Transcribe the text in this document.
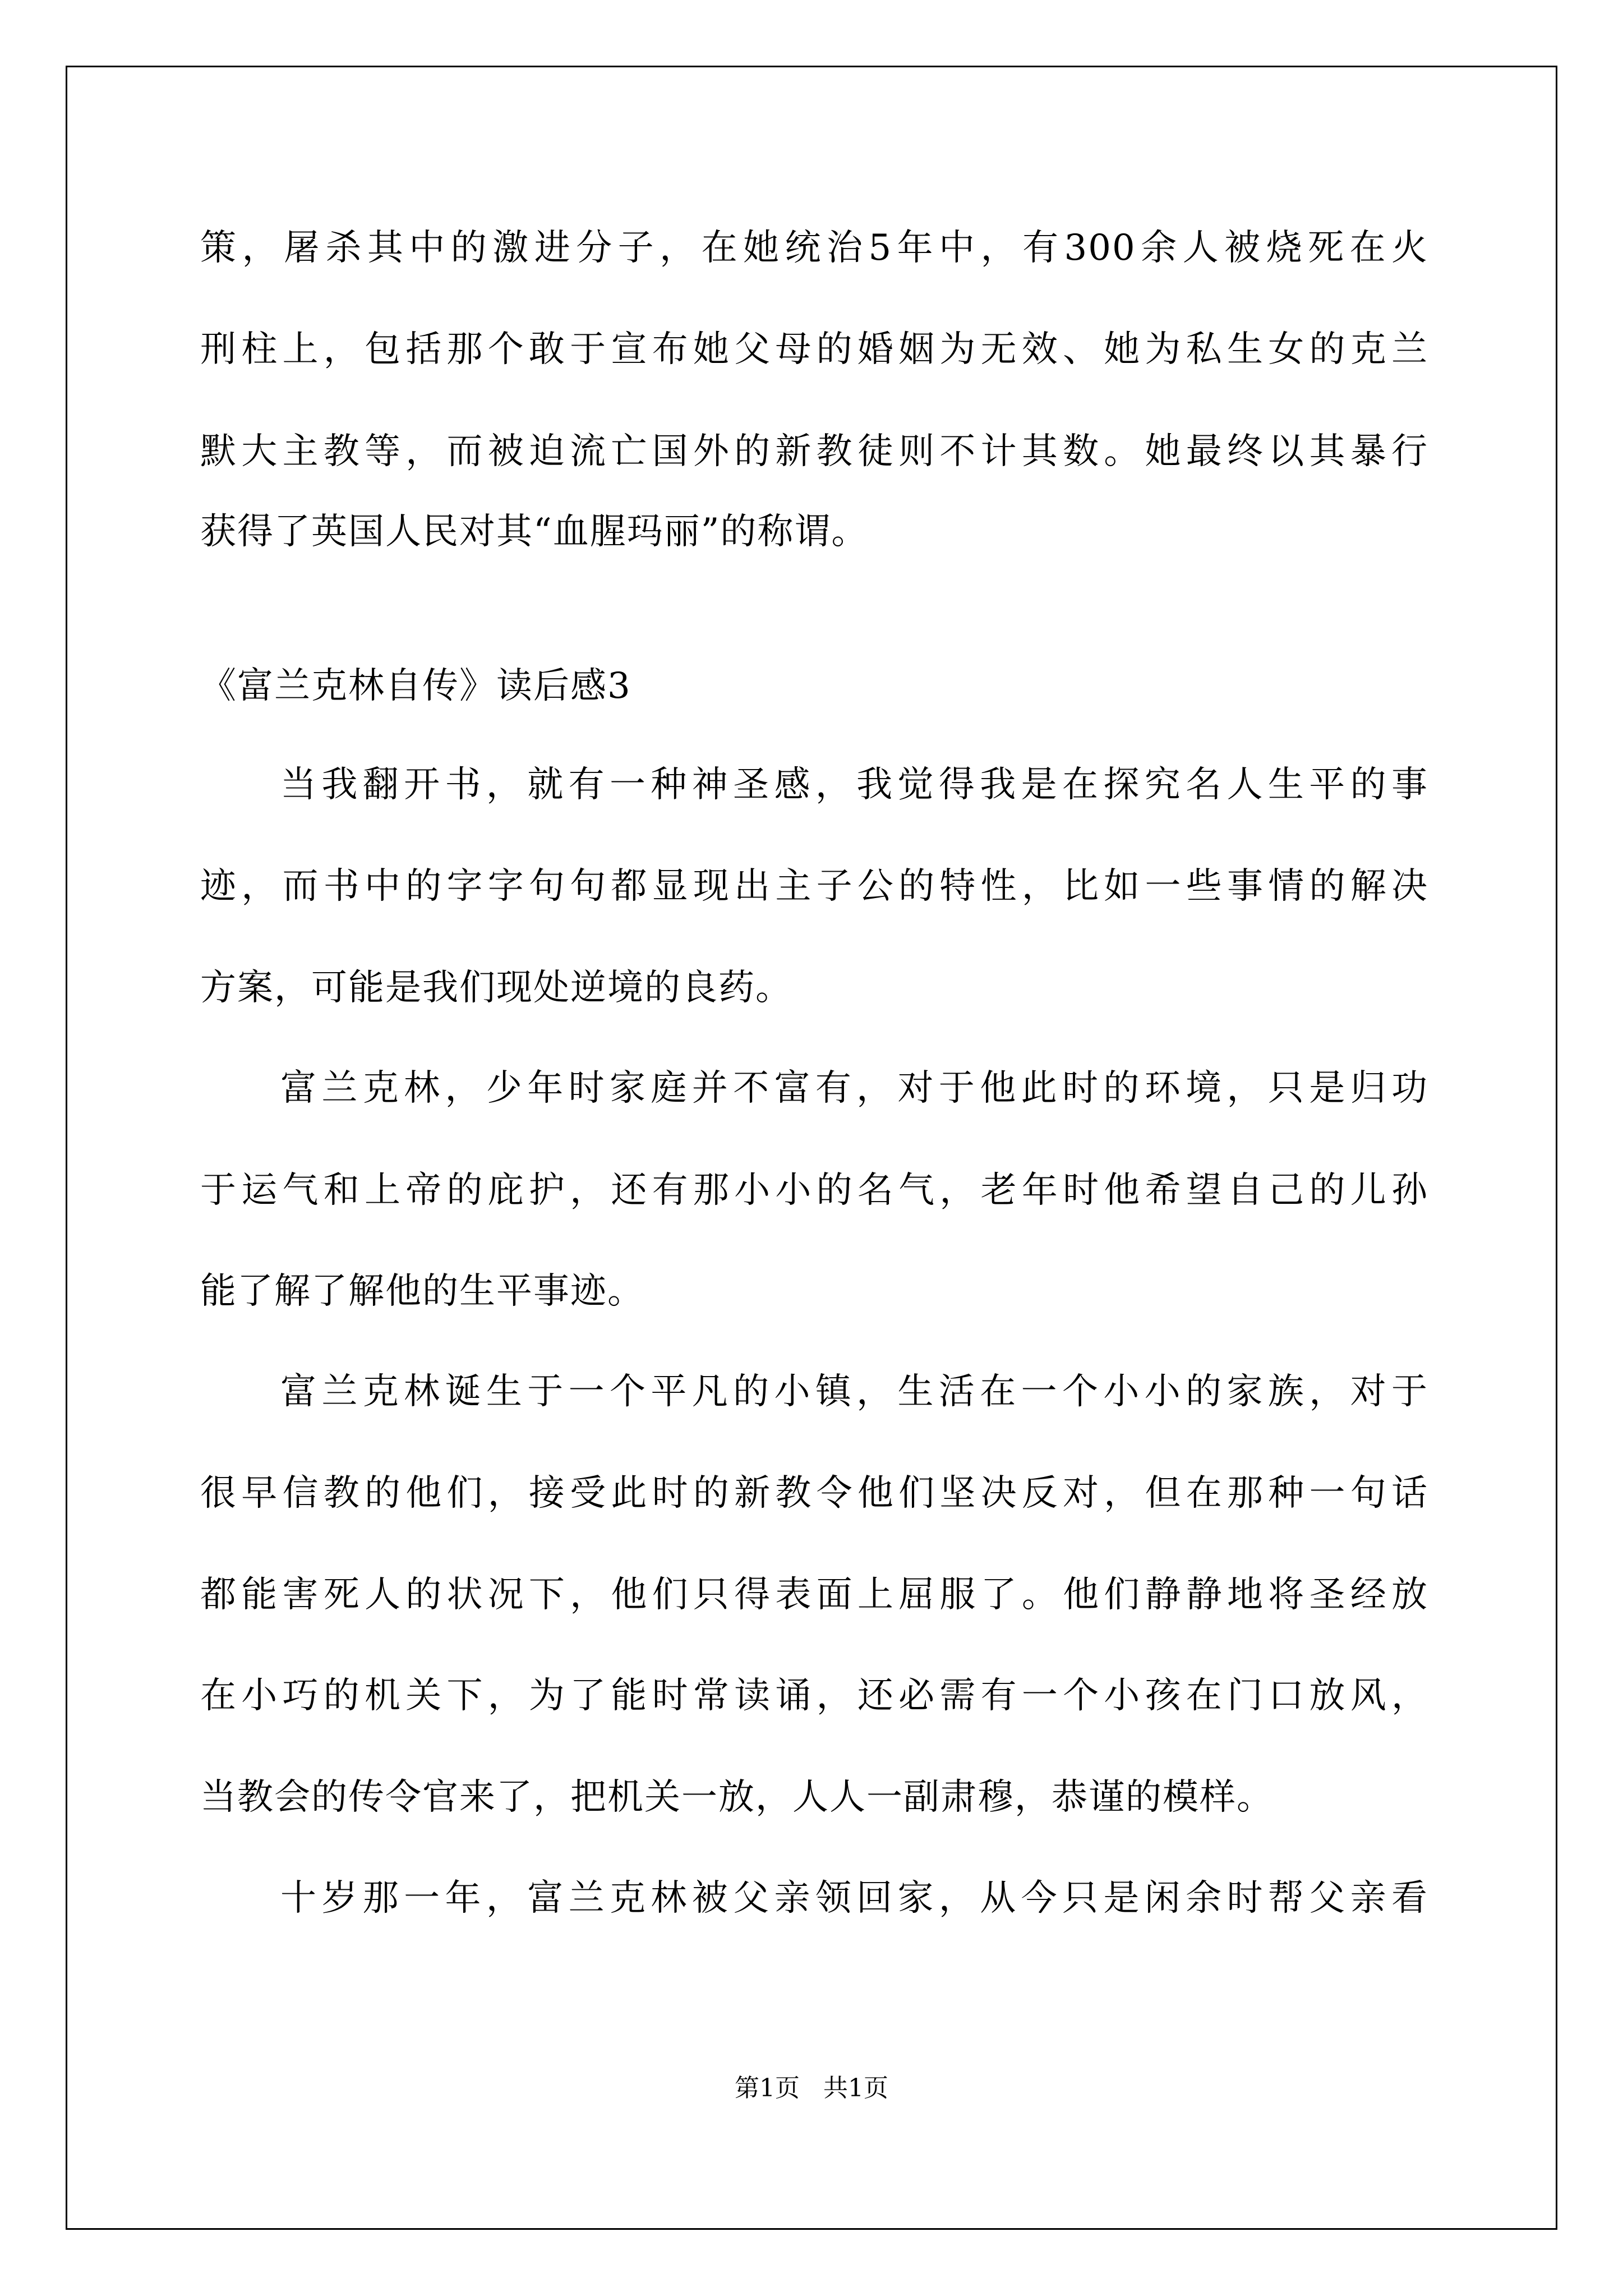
策，屠杀其中的激进分子，在她统治5年中，有300余人被烧死在火
刑柱上，包括那个敢于宣布她父母的婚姻为无效、她为私生女的克兰
默大主教等，而被迫流亡国外的新教徒则不计其数。她最终以其暴行
获得了英国人民对其“血腥玛丽”的称谓。
《富兰克林自传》读后感3
当我翻开书，就有一种神圣感，我觉得我是在探究名人生平的事
迹，而书中的字字句句都显现出主子公的特性，比如一些事情的解决
方案，可能是我们现处逆境的良药。
富兰克林，少年时家庭并不富有，对于他此时的环境，只是归功
于运气和上帝的庇护，还有那小小的名气，老年时他希望自己的儿孙
能了解了解他的生平事迹。
富兰克林诞生于一个平凡的小镇，生活在一个小小的家族，对于
很早信教的他们，接受此时的新教令他们坚决反对，但在那种一句话
都能害死人的状况下，他们只得表面上屈服了。他们静静地将圣经放
在小巧的机关下，为了能时常读诵，还必需有一个小孩在门口放风，
当教会的传令官来了，把机关一放，人人一副肃穆，恭谨的模样。
十岁那一年，富兰克林被父亲领回家，从今只是闲余时帮父亲看
第1页   共1页
